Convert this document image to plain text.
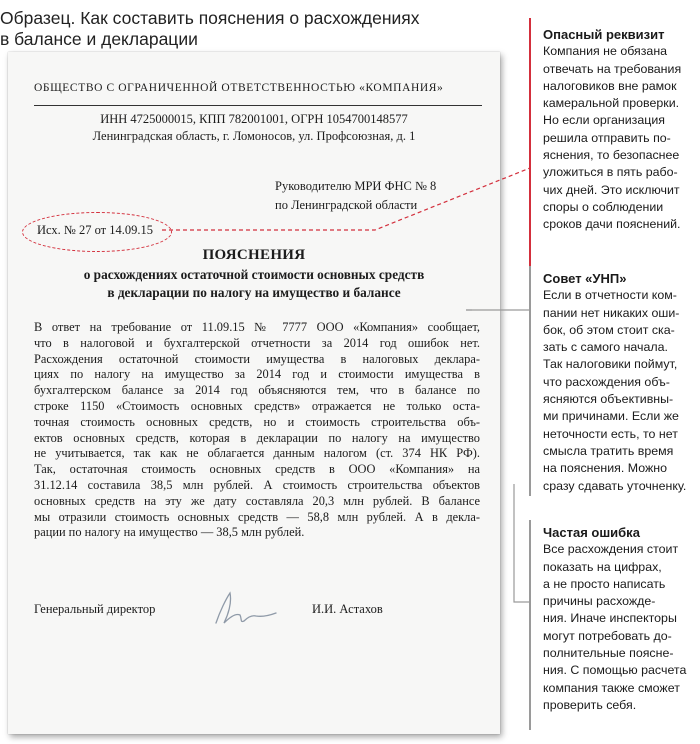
Образец. Как составить пояснения о расхождениях
в балансе и декларации
ОБЩЕСТВО С ОГРАНИЧЕННОЙ ОТВЕТСТВЕННОСТЬЮ «КОМПАНИЯ»
ИНН 4725000015, КПП 782001001, ОГРН 1054700148577
Ленинградская область, г. Ломоносов, ул. Профсоюзная, д. 1
Руководителю МРИ ФНС № 8
по Ленинградской области
Исх. № 27 от 14.09.15
ПОЯСНЕНИЯ
о расхождениях остаточной стоимости основных средств
в декларации по налогу на имущество и балансе
В ответ на требование от 11.09.15 № 7777 ООО «Компания» сообщает,
что в налоговой и бухгалтерской отчетности за 2014 год ошибок нет.
Расхождения остаточной стоимости имущества в налоговых деклара-
циях по налогу на имущество за 2014 год и стоимости имущества в
бухгалтерском балансе за 2014 год объясняются тем, что в балансе по
строке 1150 «Стоимость основных средств» отражается не только оста-
точная стоимость основных средств, но и стоимость строительства объ-
ектов основных средств, которая в декларации по налогу на имущество
не учитывается, так как не облагается данным налогом (ст. 374 НК РФ).
Так, остаточная стоимость основных средств в ООО «Компания» на
31.12.14 составила 38,5 млн рублей. А стоимость строительства объектов
основных средств на эту же дату составляла 20,3 млн рублей. В балансе
мы отразили стоимость основных средств — 58,8 млн рублей. А в декла-
рации по налогу на имущество — 38,5 млн рублей.
Генеральный директор	И.И. Астахов
Опасный реквизит
Компания не обязана
отвечать на требования
налоговиков вне рамок
камеральной проверки.
Но если организация
решила отправить по-
яснения, то безопаснее
уложиться в пять рабо-
чих дней. Это исключит
споры о соблюдении
сроков дачи пояснений.
Совет «УНП»
Если в отчетности ком-
пании нет никаких оши-
бок, об этом стоит ска-
зать с самого начала.
Так налоговики поймут,
что расхождения объ-
ясняются объективны-
ми причинами. Если же
неточности есть, то нет
смысла тратить время
на пояснения. Можно
сразу сдавать уточненку.
Частая ошибка
Все расхождения стоит
показать на цифрах,
а не просто написать
причины расхожде-
ния. Иначе инспекторы
могут потребовать до-
полнительные поясне-
ния. С помощью расчета
компания также сможет
проверить себя.
